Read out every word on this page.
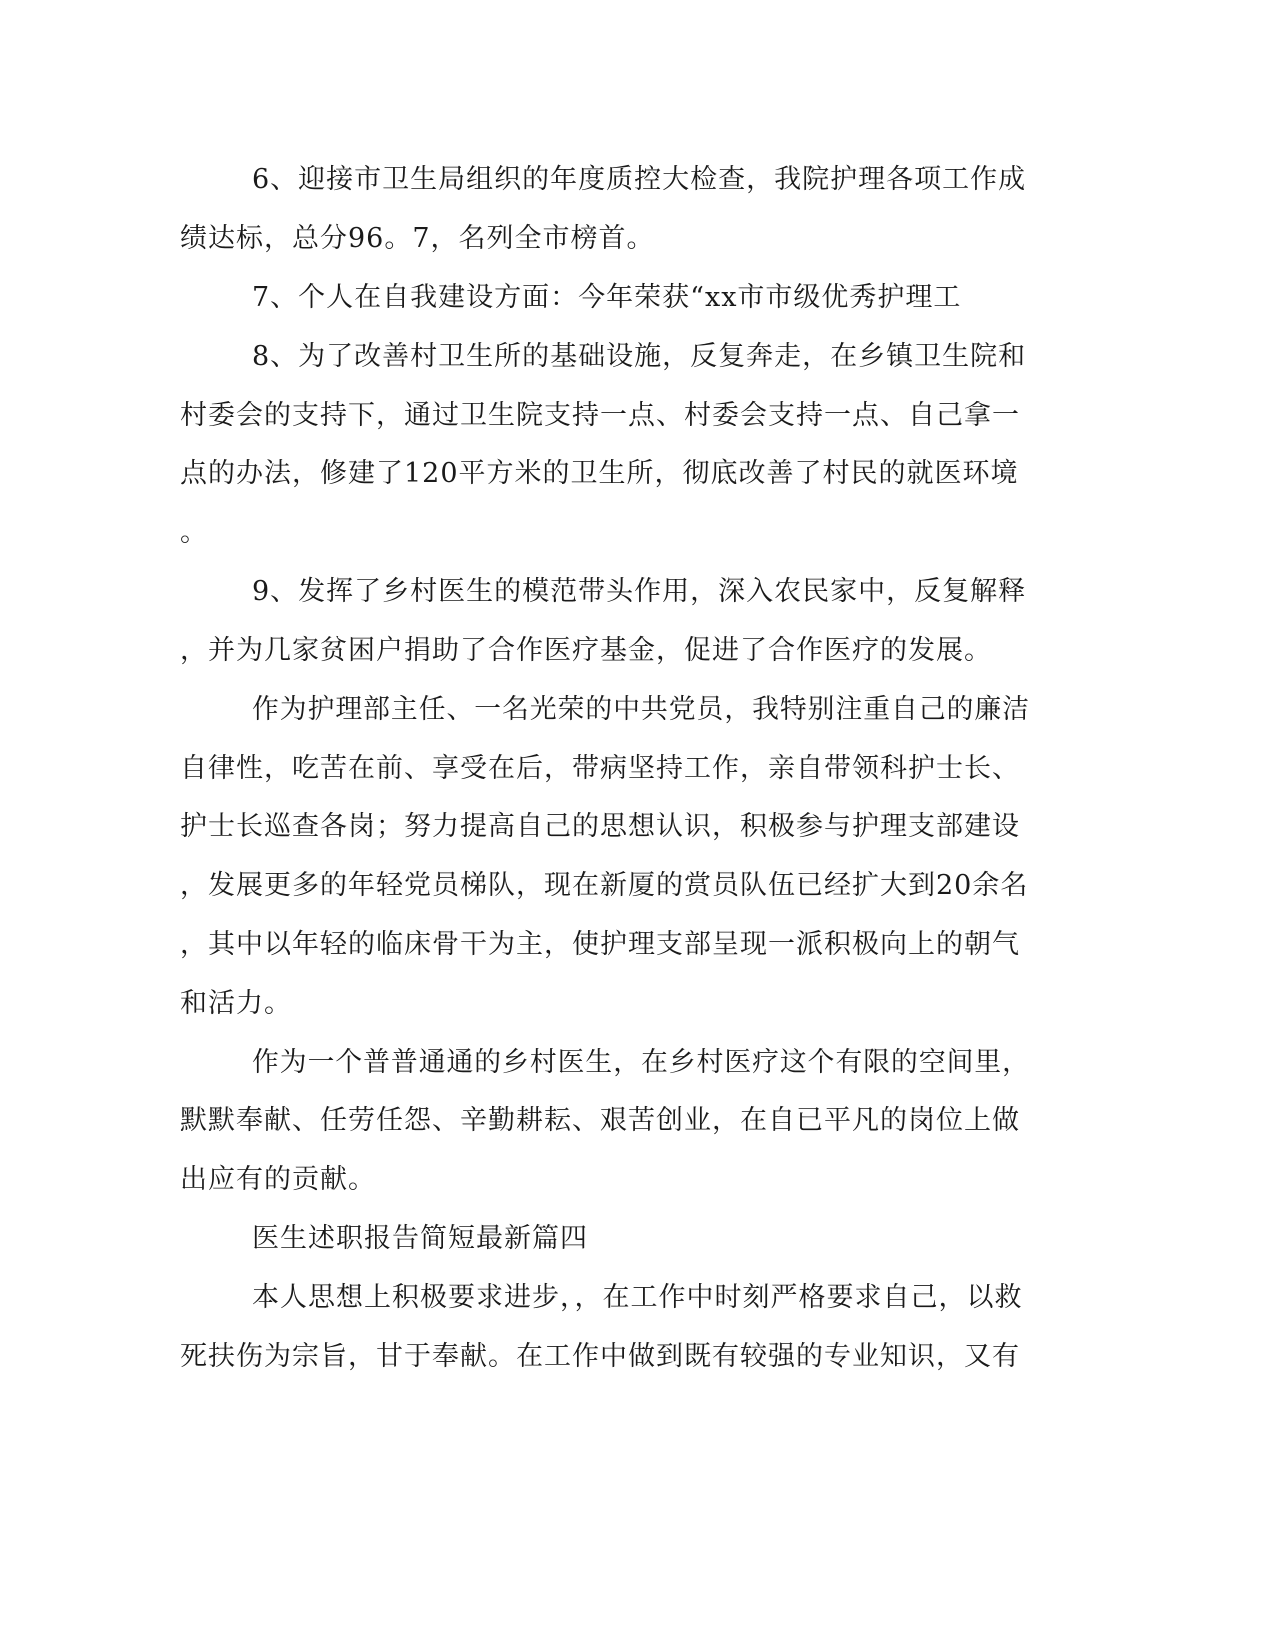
6、迎接市卫生局组织的年度质控大检查，我院护理各项工作成

绩达标，总分96。7，名列全市榜首。

7、个人在自我建设方面：今年荣获“xx市市级优秀护理工

8、为了改善村卫生所的基础设施，反复奔走，在乡镇卫生院和

村委会的支持下，通过卫生院支持一点、村委会支持一点、自己拿一

点的办法，修建了120平方米的卫生所，彻底改善了村民的就医环境

。

9、发挥了乡村医生的模范带头作用，深入农民家中，反复解释

，并为几家贫困户捐助了合作医疗基金，促进了合作医疗的发展。

作为护理部主任、一名光荣的中共党员，我特别注重自己的廉洁

自律性，吃苦在前、享受在后，带病坚持工作，亲自带领科护士长、

护士长巡查各岗；努力提高自己的思想认识，积极参与护理支部建设

，发展更多的年轻党员梯队，现在新厦的赏员队伍已经扩大到20余名

，其中以年轻的临床骨干为主，使护理支部呈现一派积极向上的朝气

和活力。

作为一个普普通通的乡村医生，在乡村医疗这个有限的空间里，

默默奉献、任劳任怨、辛勤耕耘、艰苦创业，在自已平凡的岗位上做

出应有的贡献。

医生述职报告简短最新篇四

本人思想上积极要求进步，，在工作中时刻严格要求自己，以救

死扶伤为宗旨，甘于奉献。在工作中做到既有较强的专业知识，又有
